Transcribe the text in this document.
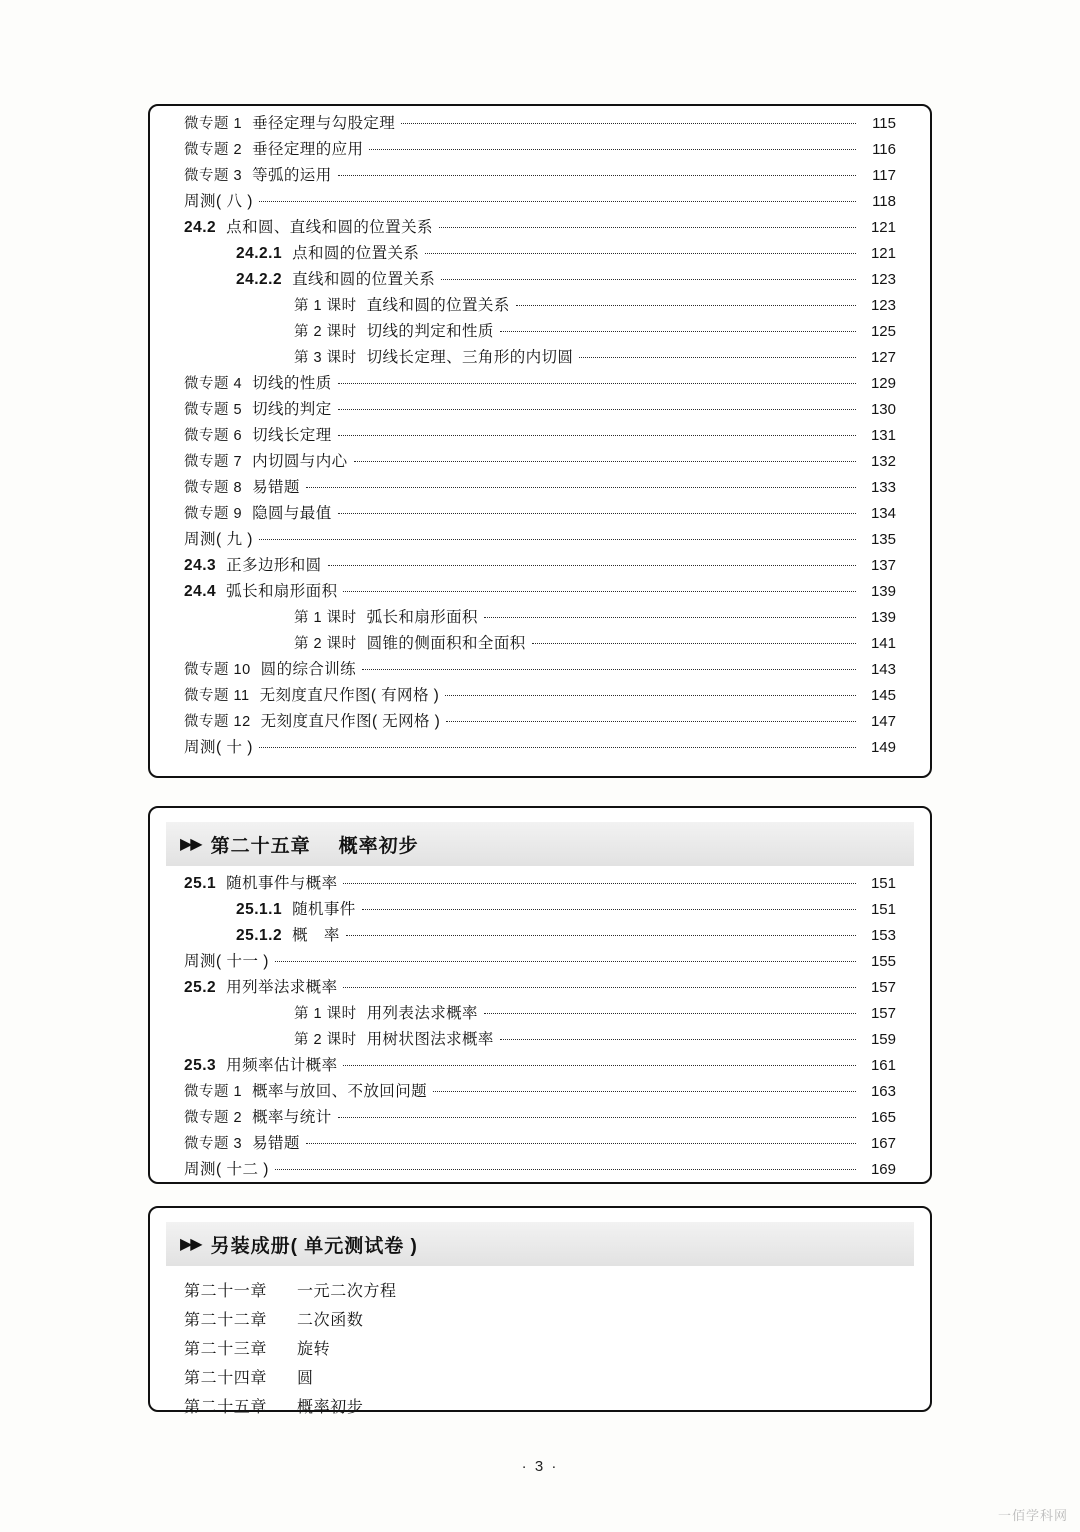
微专题 1 垂径定理与勾股定理	115
微专题 2 垂径定理的应用	116
微专题 3 等弧的运用	117
周测( 八 )	118
24.2 点和圆、直线和圆的位置关系	121
24.2.1 点和圆的位置关系	121
24.2.2 直线和圆的位置关系	123
第 1 课时 直线和圆的位置关系	123
第 2 课时 切线的判定和性质	125
第 3 课时 切线长定理、三角形的内切圆	127
微专题 4 切线的性质	129
微专题 5 切线的判定	130
微专题 6 切线长定理	131
微专题 7 内切圆与内心	132
微专题 8 易错题	133
微专题 9 隐圆与最值	134
周测( 九 )	135
24.3 正多边形和圆	137
24.4 弧长和扇形面积	139
第 1 课时 弧长和扇形面积	139
第 2 课时 圆锥的侧面积和全面积	141
微专题 10 圆的综合训练	143
微专题 11 无刻度直尺作图( 有网格 )	145
微专题 12 无刻度直尺作图( 无网格 )	147
周测( 十 )	149
▶▶ 第二十五章 概率初步
25.1 随机事件与概率	151
25.1.1 随机事件	151
25.1.2 概　率	153
周测( 十一 )	155
25.2 用列举法求概率	157
第 1 课时 用列表法求概率	157
第 2 课时 用树状图法求概率	159
25.3 用频率估计概率	161
微专题 1 概率与放回、不放回问题	163
微专题 2 概率与统计	165
微专题 3 易错题	167
周测( 十二 )	169
▶▶ 另装成册( 单元测试卷 )
第二十一章 一元二次方程
第二十二章 二次函数
第二十三章 旋转
第二十四章 圆
第二十五章 概率初步
· 3 ·
一佰学科网
